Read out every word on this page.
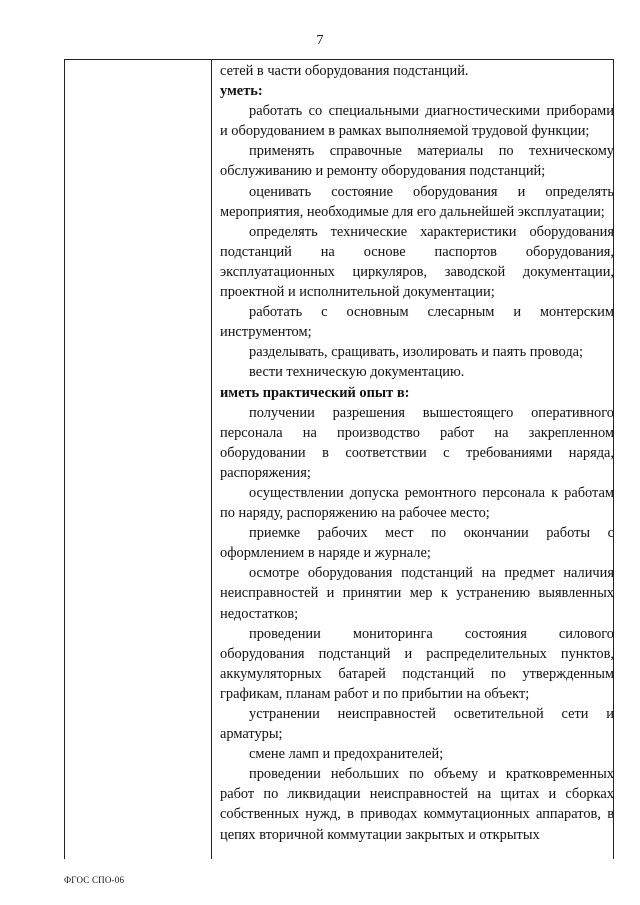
7

сетей в части оборудования подстанций.

уметь:

работать со специальными диагностическими приборами и оборудованием в рамках выполняемой трудовой функции;

применять справочные материалы по техническому обслуживанию и ремонту оборудования подстанций;

оценивать состояние оборудования и определять мероприятия, необходимые для его дальнейшей эксплуатации;

определять технические характеристики оборудования подстанций на основе паспортов оборудования, эксплуатационных циркуляров, заводской документации, проектной и исполнительной документации;

работать с основным слесарным и монтерским инструментом;

разделывать, сращивать, изолировать и паять провода;

вести техническую документацию.

иметь практический опыт в:

получении разрешения вышестоящего оперативного персонала на производство работ на закрепленном оборудовании в соответствии с требованиями наряда, распоряжения;

осуществлении допуска ремонтного персонала к работам по наряду, распоряжению на рабочее место;

приемке рабочих мест по окончании работы с оформлением в наряде и журнале;

осмотре оборудования подстанций на предмет наличия неисправностей и принятии мер к устранению выявленных недостатков;

проведении мониторинга состояния силового оборудования подстанций и распределительных пунктов, аккумуляторных батарей подстанций по утвержденным графикам, планам работ и по прибытии на объект;

устранении неисправностей осветительной сети и арматуры;

смене ламп и предохранителей;

проведении небольших по объему и кратковременных работ по ликвидации неисправностей на щитах и сборках собственных нужд, в приводах коммутационных аппаратов, в цепях вторичной коммутации закрытых и открытых

ФГОС СПО-06
